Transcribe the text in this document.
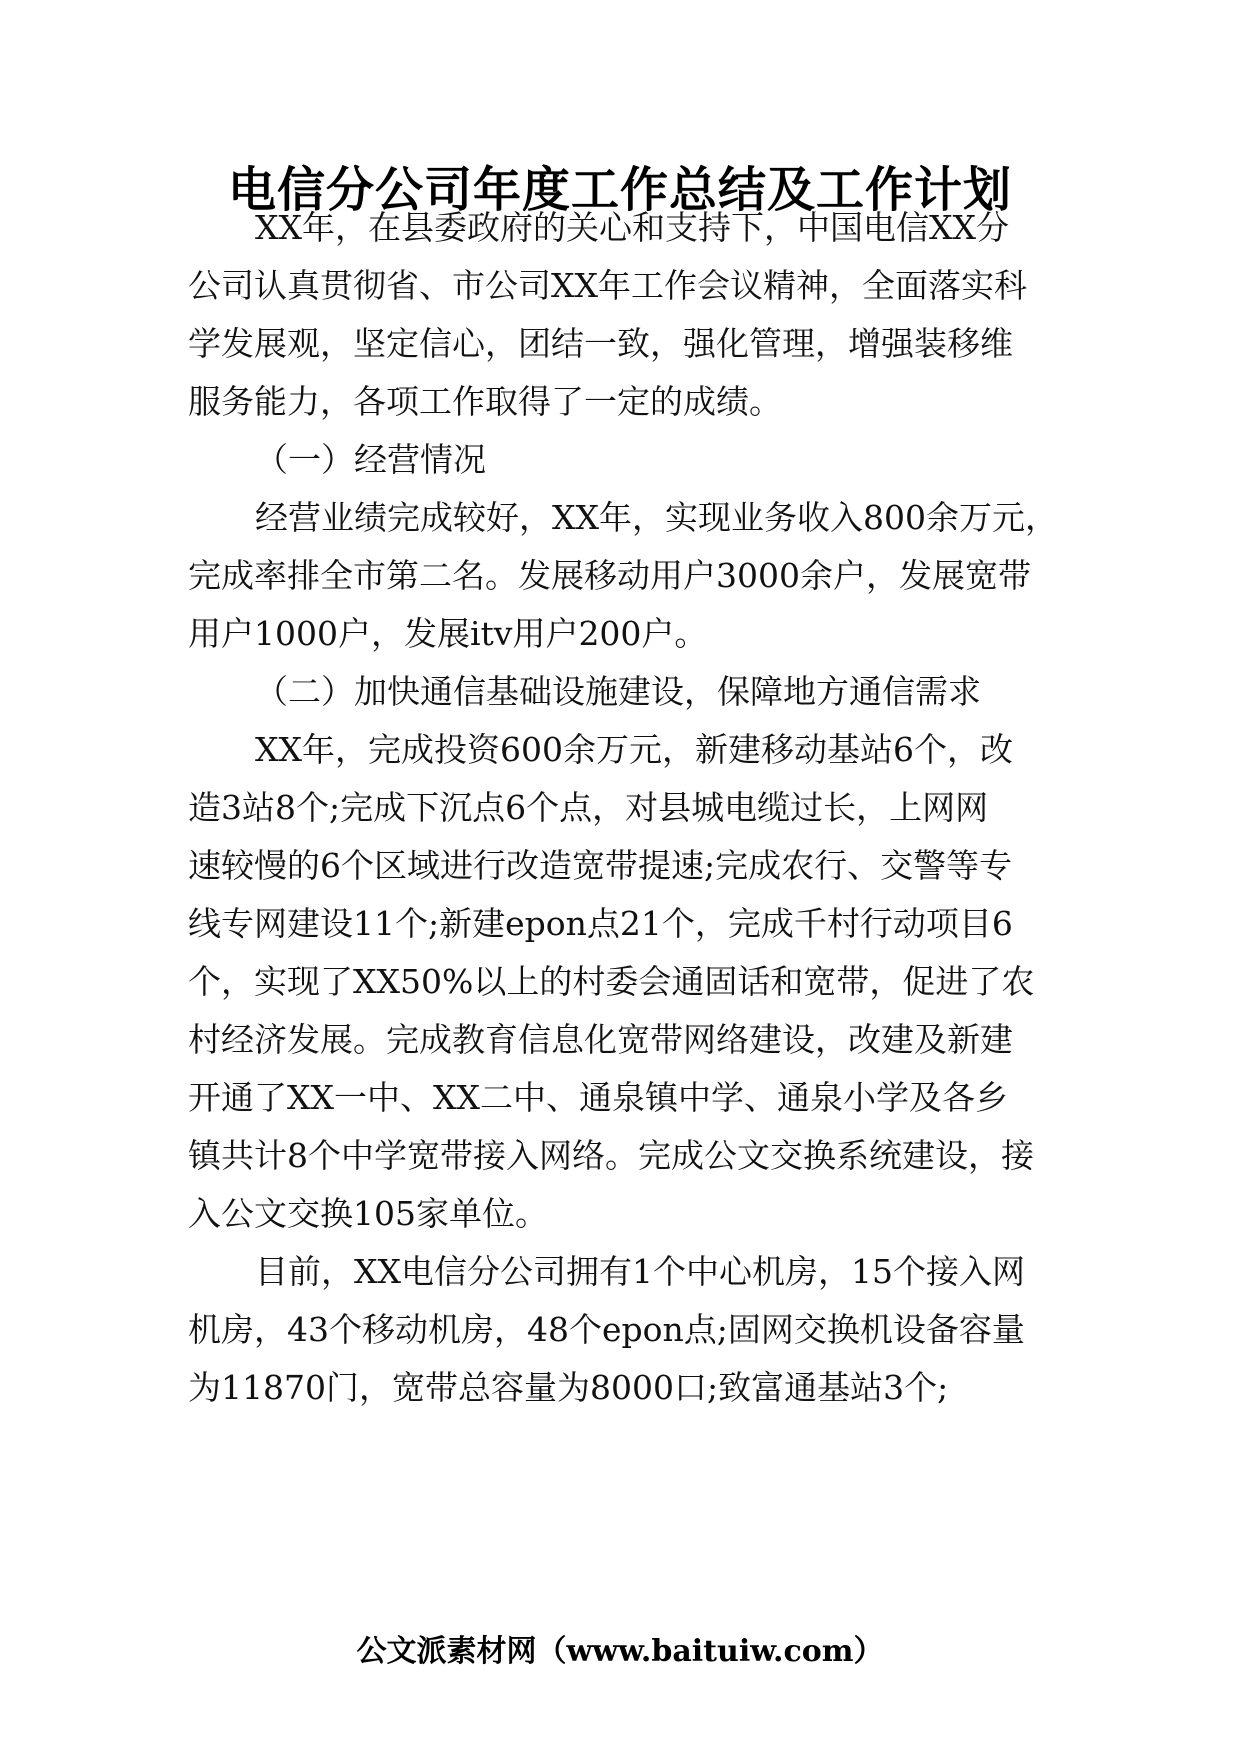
电信分公司年度工作总结及工作计划
XX年，在县委政府的关心和支持下，中国电信XX分
公司认真贯彻省、市公司XX年工作会议精神，全面落实科
学发展观，坚定信心，团结一致，强化管理，增强装移维
服务能力，各项工作取得了一定的成绩。
（一）经营情况
经营业绩完成较好，XX年，实现业务收入800余万元，
完成率排全市第二名。发展移动用户3000余户，发展宽带
用户1000户，发展itv用户200户。
（二）加快通信基础设施建设，保障地方通信需求
XX年，完成投资600余万元，新建移动基站6个，改
造3站8个;完成下沉点6个点，对县城电缆过长，上网网
速较慢的6个区域进行改造宽带提速;完成农行、交警等专
线专网建设11个;新建epon点21个，完成千村行动项目6
个，实现了XX50%以上的村委会通固话和宽带，促进了农
村经济发展。完成教育信息化宽带网络建设，改建及新建
开通了XX一中、XX二中、通泉镇中学、通泉小学及各乡
镇共计8个中学宽带接入网络。完成公文交换系统建设，接
入公文交换105家单位。
目前，XX电信分公司拥有1个中心机房，15个接入网
机房，43个移动机房，48个epon点;固网交换机设备容量
为11870门，宽带总容量为8000口;致富通基站3个;
公文派素材网（www.baituiw.com）
